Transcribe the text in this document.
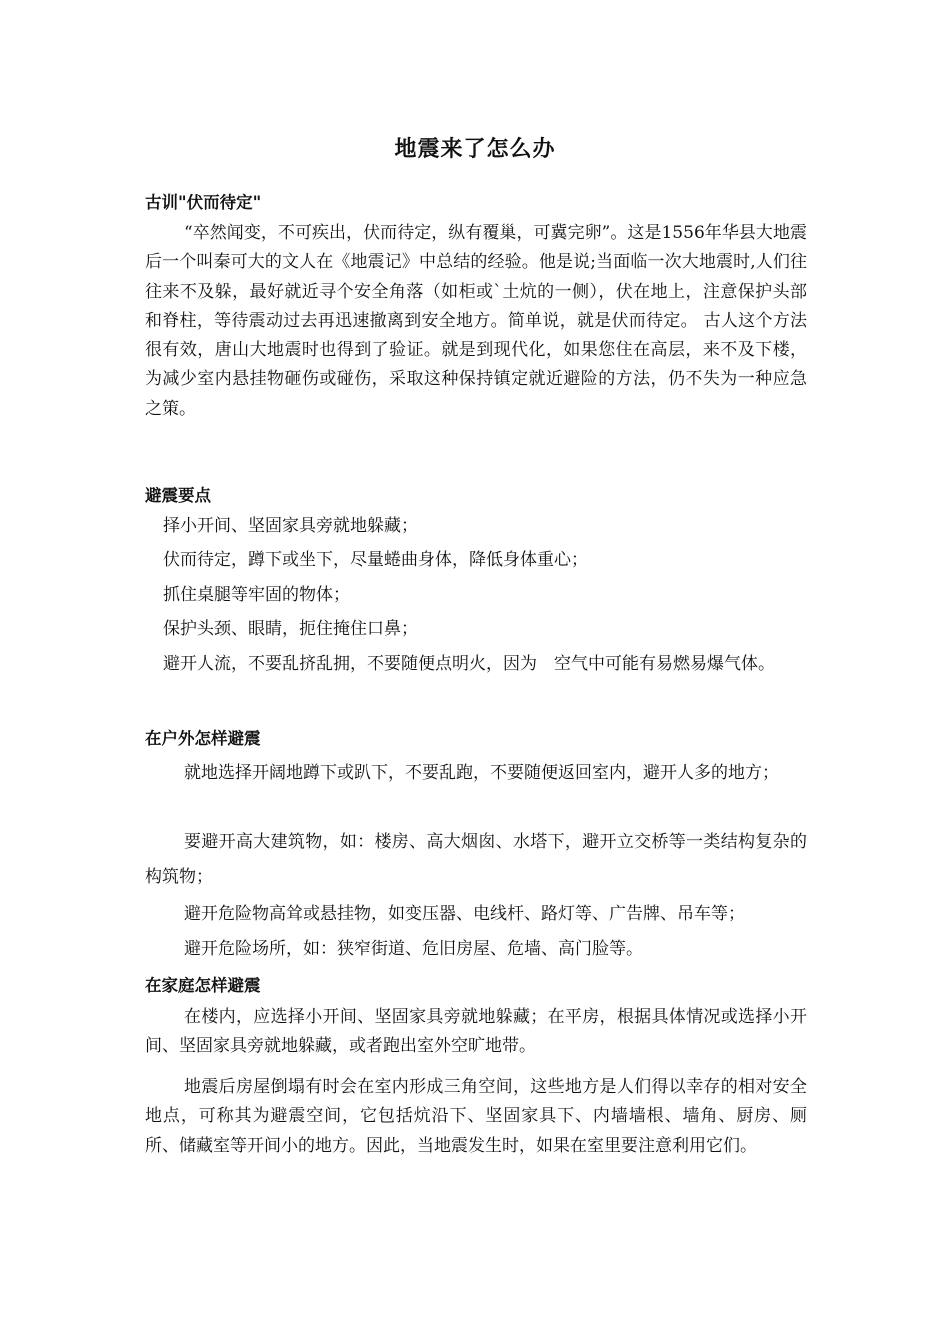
地震来了怎么办
古训"伏而待定"

“卒然闻变，不可疾出，伏而待定，纵有覆巢，可冀完卵”。这是1556年华县大地震后一个叫秦可大的文人在《地震记》中总结的经验。他是说;当面临一次大地震时,人们往往来不及躲，最好就近寻个安全角落（如柜或`土炕的一侧），伏在地上，注意保护头部和脊柱，等待震动过去再迅速撤离到安全地方。简单说，就是伏而待定。 古人这个方法很有效，唐山大地震时也得到了验证。就是到现代化，如果您住在高层，来不及下楼，为减少室内悬挂物砸伤或碰伤，采取这种保持镇定就近避险的方法，仍不失为一种应急之策。

避震要点

择小开间、坚固家具旁就地躲藏；

伏而待定，蹲下或坐下，尽量蜷曲身体，降低身体重心；

抓住桌腿等牢固的物体；

保护头颈、眼睛，扼住掩住口鼻；

避开人流，不要乱挤乱拥，不要随便点明火，因为　空气中可能有易燃易爆气体。

在户外怎样避震

就地选择开阔地蹲下或趴下，不要乱跑，不要随便返回室内，避开人多的地方；

要避开高大建筑物，如：楼房、高大烟囱、水塔下，避开立交桥等一类结构复杂的构筑物；

避开危险物高耸或悬挂物，如变压器、电线杆、路灯等、广告牌、吊车等；

避开危险场所，如：狭窄街道、危旧房屋、危墙、高门脸等。

在家庭怎样避震

在楼内，应选择小开间、坚固家具旁就地躲藏；在平房，根据具体情况或选择小开间、坚固家具旁就地躲藏，或者跑出室外空旷地带。

地震后房屋倒塌有时会在室内形成三角空间，这些地方是人们得以幸存的相对安全地点，可称其为避震空间，它包括炕沿下、坚固家具下、内墙墙根、墙角、厨房、厕所、储藏室等开间小的地方。因此，当地震发生时，如果在室里要注意利用它们。
